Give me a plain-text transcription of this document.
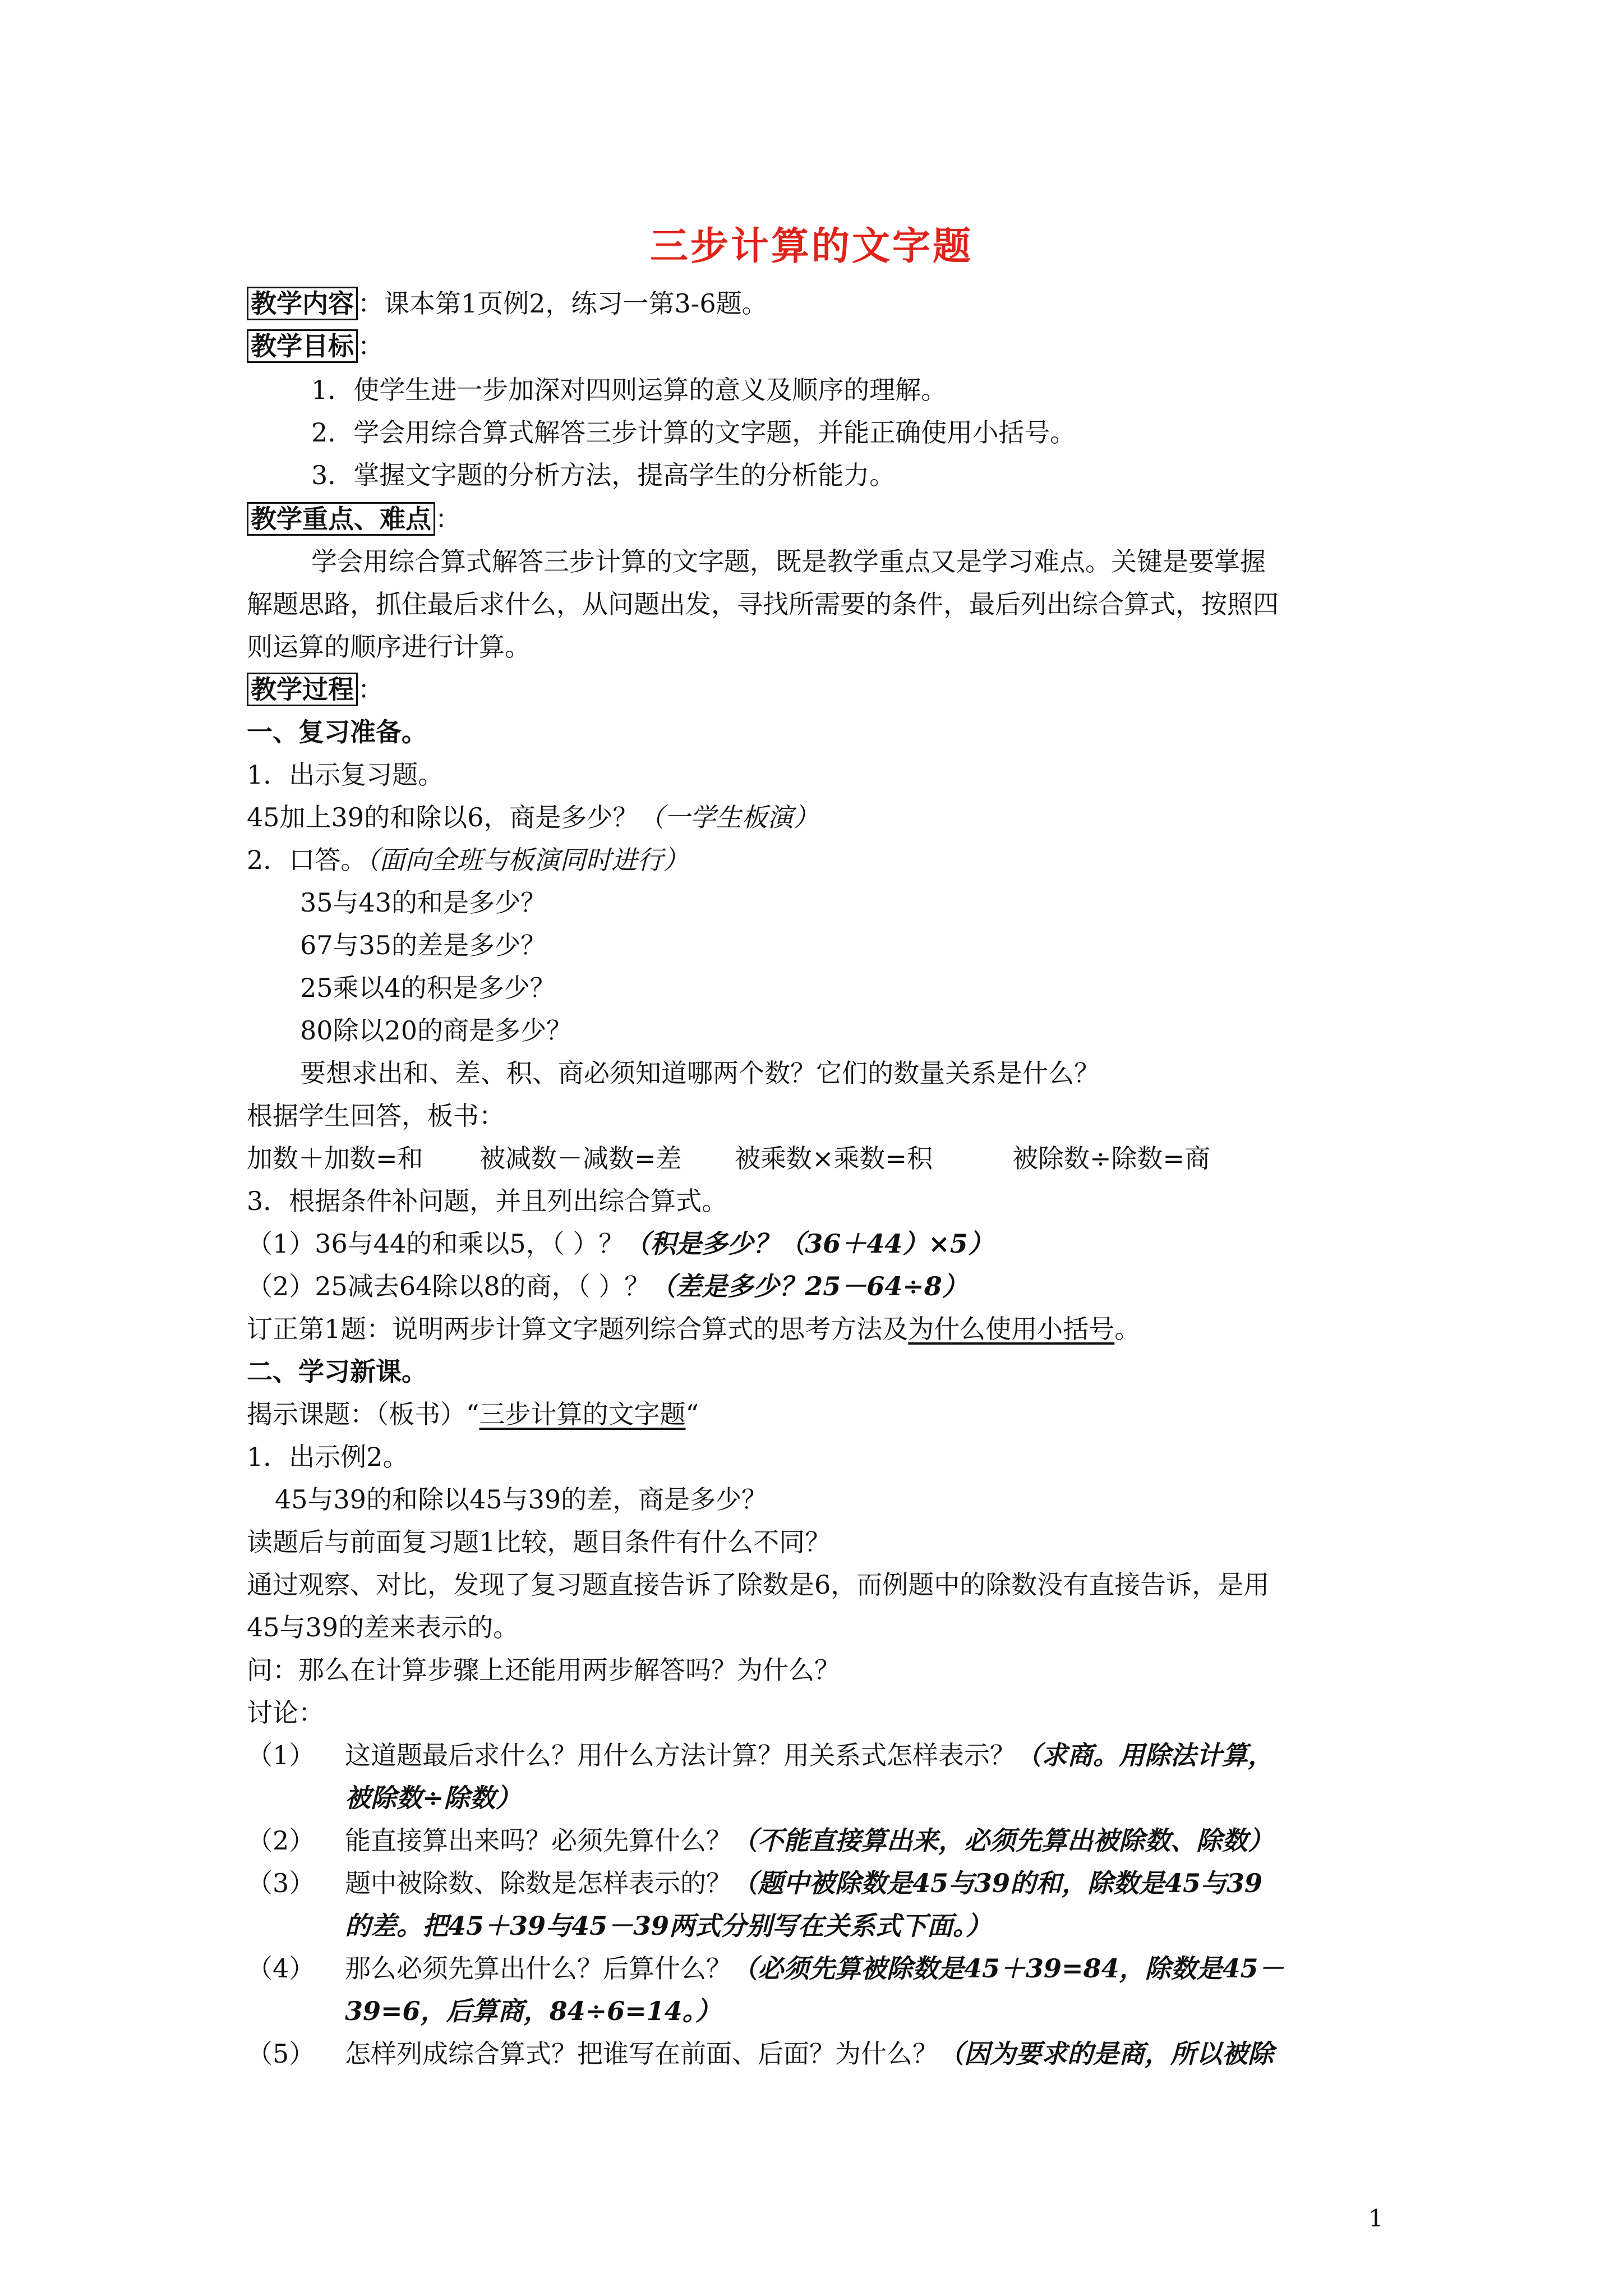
三步计算的文字题
教学内容 ：课本第1页例2，练习一第3-6题。
教学目标 ：
1．使学生进一步加深对四则运算的意义及顺序的理解。
2．学会用综合算式解答三步计算的文字题，并能正确使用小括号。
3．掌握文字题的分析方法，提高学生的分析能力。
教学重点、难点 ：
学会用综合算式解答三步计算的文字题，既是教学重点又是学习难点。关键是要掌握
解题思路，抓住最后求什么，从问题出发，寻找所需要的条件，最后列出综合算式，按照四
则运算的顺序进行计算。
教学过程 ：
一、复习准备。
1．出示复习题。
45加上39的和除以6，商是多少？（一学生板演）
2．口答。（面向全班与板演同时进行）
35与43的和是多少？
67与35的差是多少？
25乘以4的积是多少？
80除以20的商是多少？
要想求出和、差、积、商必须知道哪两个数？它们的数量关系是什么？
根据学生回答，板书：
加数＋加数=和 被减数－减数=差 被乘数×乘数=积	被除数÷除数=商
3．根据条件补问题，并且列出综合算式。
（1）36与44的和乘以5，（ ）？（积是多少？（36＋44）×5）
（2）25减去64除以8的商，（ ）？（差是多少？25－64÷8）
订正第1题：说明两步计算文字题列综合算式的思考方法及为什么使用小括号。
二、学习新课。
揭示课题：（板书）“三步计算的文字题“
1．出示例2。
45与39的和除以45与39的差，商是多少？
读题后与前面复习题1比较，题目条件有什么不同？
通过观察、对比，发现了复习题直接告诉了除数是6，而例题中的除数没有直接告诉，是用
45与39的差来表示的。
问：那么在计算步骤上还能用两步解答吗？为什么？
讨论：
（1） 这道题最后求什么？用什么方法计算？用关系式怎样表示？（求商。用除法计算，
被除数÷除数）
（2） 能直接算出来吗？必须先算什么？（不能直接算出来，必须先算出被除数、除数）
（3） 题中被除数、除数是怎样表示的？（题中被除数是45与39的和，除数是45与39
的差。把45＋39与45－39两式分别写在关系式下面。）
（4） 那么必须先算出什么？后算什么？（必须先算被除数是45＋39=84，除数是45－
39=6，后算商，84÷6=14。）
（5） 怎样列成综合算式？把谁写在前面、后面？为什么？（因为要求的是商，所以被除
1
